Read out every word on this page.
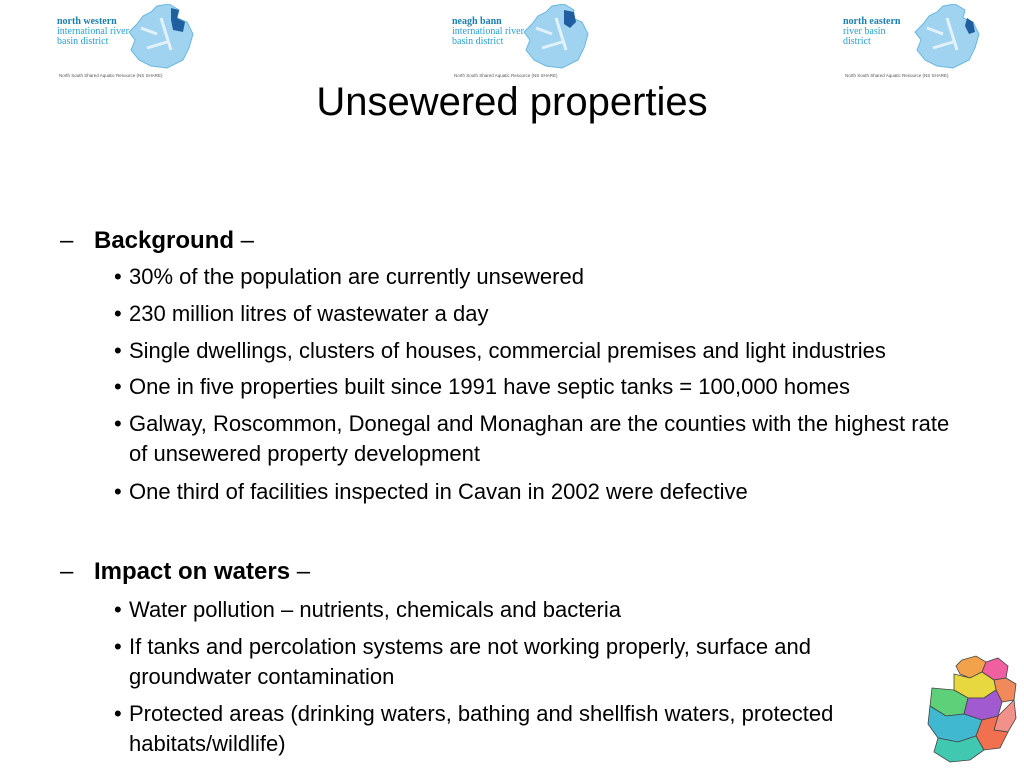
north western
international river basin district
North South Shared Aquatic Resource (NS SHARE)
neagh bann
international river basin district
North South Shared Aquatic Resource (NS SHARE)
north eastern
river basin district
North South Shared Aquatic Resource (NS SHARE)
Unsewered properties
– Background –
• 30% of the population are currently unsewered
• 230 million litres of wastewater a day
• Single dwellings, clusters of houses, commercial premises and light industries
• One in five properties built since 1991 have septic tanks = 100,000 homes
• Galway, Roscommon, Donegal and Monaghan are the counties with the highest rate of unsewered property development
• One third of facilities inspected in Cavan in 2002 were defective
– Impact on waters –
• Water pollution – nutrients, chemicals and bacteria
• If tanks and percolation systems are not working properly, surface and groundwater contamination
• Protected areas (drinking waters, bathing and shellfish waters, protected habitats/wildlife)
